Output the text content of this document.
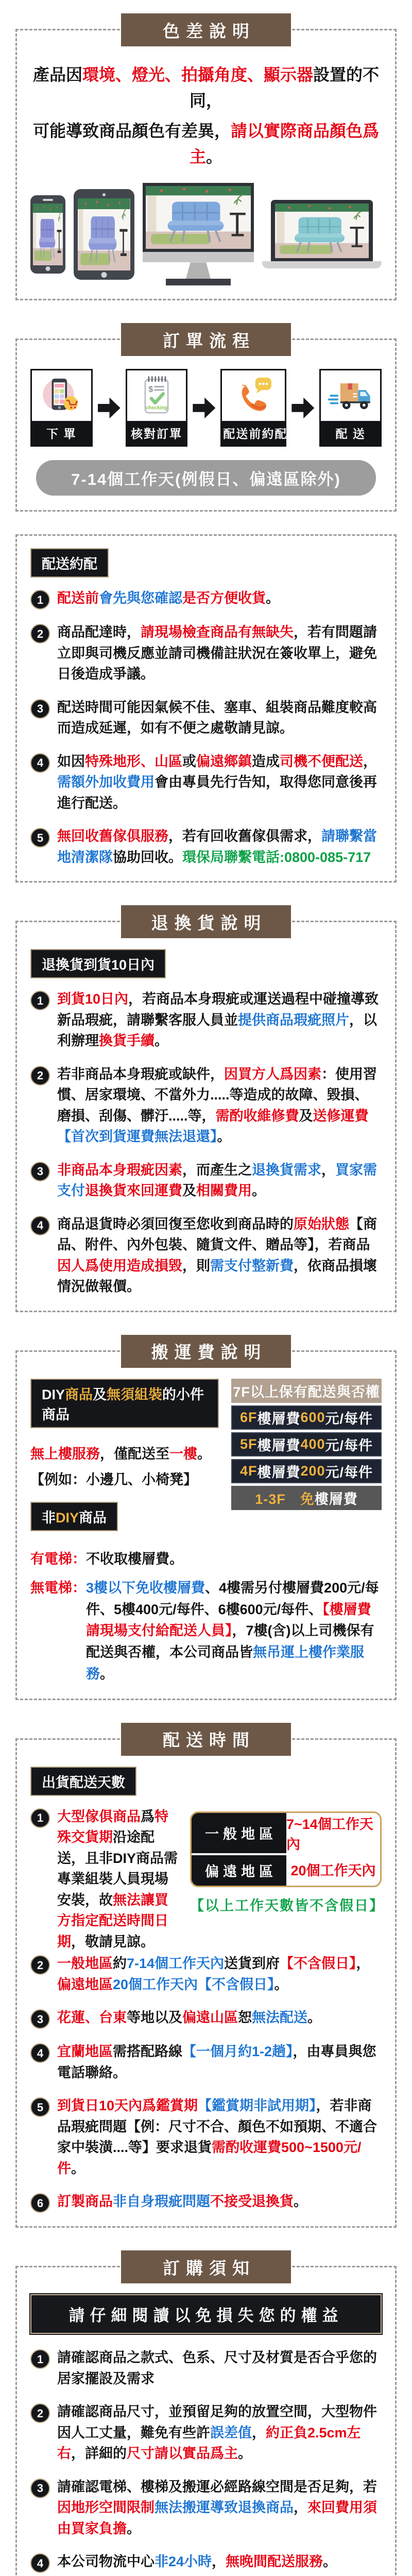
色差說明

產品因環境、燈光、拍攝角度、顯示器設置的不同，

可能導致商品顏色有差異，請以實際商品顏色爲主。

訂單流程
下 單
$
checking
核對訂單	配送前約配	配 送
7-14個工作天(例假日、偏遠區除外)
配送約配
1 配送前會先與您確認是否方便收貨。
2 商品配達時，請現場檢查商品有無缺失，若有問題請立即與司機反應並請司機備註狀況在簽收單上，避免日後造成爭議。
3 配送時間可能因氣候不佳、塞車、組裝商品難度較高而造成延遲，如有不便之處敬請見諒。
4 如因特殊地形、山區或偏遠鄉鎮造成司機不便配送，需額外加收費用會由專員先行告知，取得您同意後再進行配送。
5 無回收舊傢俱服務，若有回收舊傢俱需求，請聯繫當地清潔隊協助回收。環保局聯繫電話:0800-085-717
退換貨說明
退換貨到貨10日內
1 到貨10日內，若商品本身瑕疵或運送過程中碰撞導致新品瑕疵，請聯繫客服人員並提供商品瑕疵照片，以利辦理換貨手續。
2 若非商品本身瑕疵或缺件，因買方人爲因素：使用習慣、居家環境、不當外力.....等造成的故障、毀損、磨損、刮傷、髒汙.....等，需酌收維修費及送修運費【首次到貨運費無法退還】。
3 非商品本身瑕疵因素，而產生之退換貨需求，買家需支付退換貨來回運費及相關費用。
4 商品退貨時必須回復至您收到商品時的原始狀態【商品、附件、內外包裝、隨貨文件、贈品等】，若商品因人爲使用造成損毀，則需支付整新費，依商品損壞情況做報價。
搬運費說明
DIY商品及無須組裝的小件商品

無上樓服務，僅配送至一樓。

【例如：小邊几、小椅凳】

非DIY商品
有電梯： 不收取樓層費。
7F以上保有配送與否權
6F 樓層費 600 元/每件
5F 樓層費 400 元/每件
4F 樓層費 200 元/每件
1-3F　免 樓層費
無電梯： 3樓以下免收樓層費、4樓需另付樓層費200元/每件、5樓400元/每件、6樓600元/每件、【樓層費請現場支付給配送人員】，7樓(含)以上司機保有配送與否權，本公司商品皆無吊運上樓作業服務。
配送時間
出貨配送天數
1 大型傢俱商品爲特殊交貨期沿途配送，且非DIY商品需專業組裝人員現場安裝，故無法讓買方指定配送時間日期，敬請見諒。
一般地區
7~14個工作天內
偏遠地區 20個工作天內
【以上工作天數皆不含假日】
2 一般地區約7-14個工作天內送貨到府【不含假日】，偏遠地區20個工作天內【不含假日】。
3 花蓮、台東等地以及偏遠山區恕無法配送。
4 宜蘭地區需搭配路線【一個月約1-2趟】，由專員與您電話聯絡。
5 到貨日10天內爲鑑賞期【鑑賞期非試用期】，若非商品瑕疵問題【例：尺寸不合、顏色不如預期、不適合家中裝潢....等】要求退貨需酌收運費500~1500元/件。
6 訂製商品非自身瑕疵問題不接受退換貨。
訂購須知
請仔細閱讀以免損失您的權益
1 請確認商品之款式、色系、尺寸及材質是否合乎您的居家擺設及需求
2 請確認商品尺寸，並預留足夠的放置空間，大型物件因人工丈量，難免有些許誤差值，約正負2.5cm左右，詳細的尺寸請以實品爲主。
3 請確認電梯、樓梯及搬運必經路線空間是否足夠，若因地形空間限制無法搬運導致退換商品，來回費用須由買家負擔。
4 本公司物流中心非24小時，無晚間配送服務。
